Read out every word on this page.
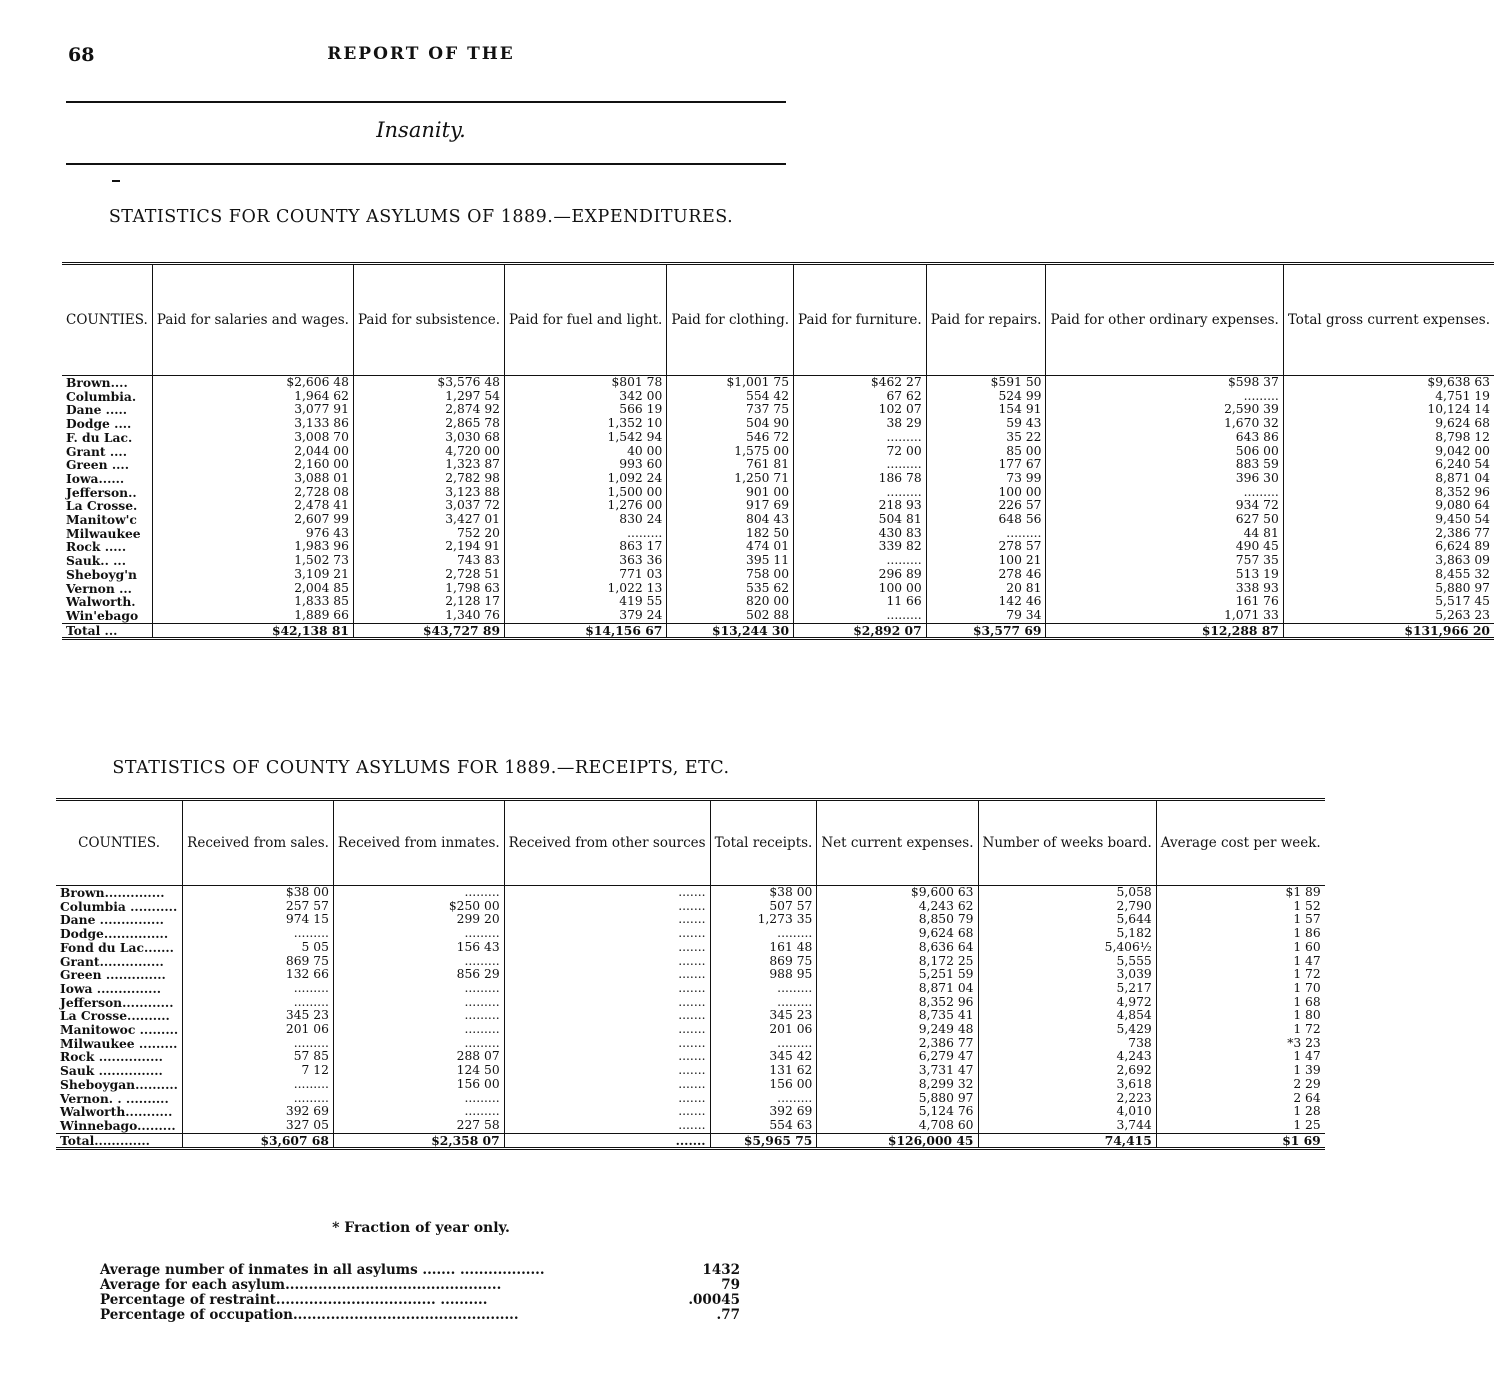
68	REPORT OF THE
Insanity.
STATISTICS FOR COUNTY ASYLUMS OF 1889.—EXPENDITURES.
COUNTIES.	Paid for salaries and wages.	Paid for subsistence.	Paid for fuel and light.	Paid for clothing.	Paid for furniture.	Paid for repairs.	Paid for other ordinary expenses.	Total gross current expenses.
Brown....	$2,606 48	$3,576 48	$801 78	$1,001 75	$462 27	$591 50	$598 37	$9,638 63
Columbia.	1,964 62	1,297 54	342 00	554 42	67 62	524 99	.........	4,751 19
Dane .....	3,077 91	2,874 92	566 19	737 75	102 07	154 91	2,590 39	10,124 14
Dodge ....	3,133 86	2,865 78	1,352 10	504 90	38 29	59 43	1,670 32	9,624 68
F. du Lac.	3,008 70	3,030 68	1,542 94	546 72	.........	35 22	643 86	8,798 12
Grant ....	2,044 00	4,720 00	40 00	1,575 00	72 00	85 00	506 00	9,042 00
Green ....	2,160 00	1,323 87	993 60	761 81	.........	177 67	883 59	6,240 54
Iowa......	3,088 01	2,782 98	1,092 24	1,250 71	186 78	73 99	396 30	8,871 04
Jefferson..	2,728 08	3,123 88	1,500 00	901 00	.........	100 00	.........	8,352 96
La Crosse.	2,478 41	3,037 72	1,276 00	917 69	218 93	226 57	934 72	9,080 64
Manitow'c	2,607 99	3,427 01	830 24	804 43	504 81	648 56	627 50	9,450 54
Milwaukee	976 43	752 20	.........	182 50	430 83	.........	44 81	2,386 77
Rock .....	1,983 96	2,194 91	863 17	474 01	339 82	278 57	490 45	6,624 89
Sauk.. ...	1,502 73	743 83	363 36	395 11	.........	100 21	757 35	3,863 09
Sheboyg'n	3,109 21	2,728 51	771 03	758 00	296 89	278 46	513 19	8,455 32
Vernon ...	2,004 85	1,798 63	1,022 13	535 62	100 00	20 81	338 93	5,880 97
Walworth.	1,833 85	2,128 17	419 55	820 00	11 66	142 46	161 76	5,517 45
Win'ebago	1,889 66	1,340 76	379 24	502 88	.........	79 34	1,071 33	5,263 23
Total ...	$42,138 81	$43,727 89	$14,156 67	$13,244 30	$2,892 07	$3,577 69	$12,288 87	$131,966 20
STATISTICS OF COUNTY ASYLUMS FOR 1889.—RECEIPTS, ETC.
COUNTIES.	Received from sales.	Received from inmates.	Received from other sources	Total receipts.	Net current expenses.	Number of weeks board.	Average cost per week.
Brown..............	$38 00	.........	.......	$38 00	$9,600 63	5,058	$1 89
Columbia ...........	257 57	$250 00	.......	507 57	4,243 62	2,790	1 52
Dane ...............	974 15	299 20	.......	1,273 35	8,850 79	5,644	1 57
Dodge...............	.........	.........	.......	.........	9,624 68	5,182	1 86
Fond du Lac.......	5 05	156 43	.......	161 48	8,636 64	5,406½	1 60
Grant...............	869 75	.........	.......	869 75	8,172 25	5,555	1 47
Green ..............	132 66	856 29	.......	988 95	5,251 59	3,039	1 72
Iowa ...............	.........	.........	.......	.........	8,871 04	5,217	1 70
Jefferson............	.........	.........	.......	.........	8,352 96	4,972	1 68
La Crosse..........	345 23	.........	.......	345 23	8,735 41	4,854	1 80
Manitowoc .........	201 06	.........	.......	201 06	9,249 48	5,429	1 72
Milwaukee .........	.........	.........	.......	.........	2,386 77	738	*3 23
Rock ...............	57 85	288 07	.......	345 42	6,279 47	4,243	1 47
Sauk ...............	7 12	124 50	.......	131 62	3,731 47	2,692	1 39
Sheboygan..........	.........	156 00	.......	156 00	8,299 32	3,618	2 29
Vernon. . ..........	.........	.........	.......	.........	5,880 97	2,223	2 64
Walworth...........	392 69	.........	.......	392 69	5,124 76	4,010	1 28
Winnebago.........	327 05	227 58	.......	554 63	4,708 60	3,744	1 25
Total.............	$3,607 68	$2,358 07	.......	$5,965 75	$126,000 45	74,415	$1 69
* Fraction of year only.
Average number of inmates in all asylums ....... ..................	1432
Average for each asylum..............................................	79
Percentage of restraint.................................. ..........	.00045
Percentage of occupation................................................	.77
